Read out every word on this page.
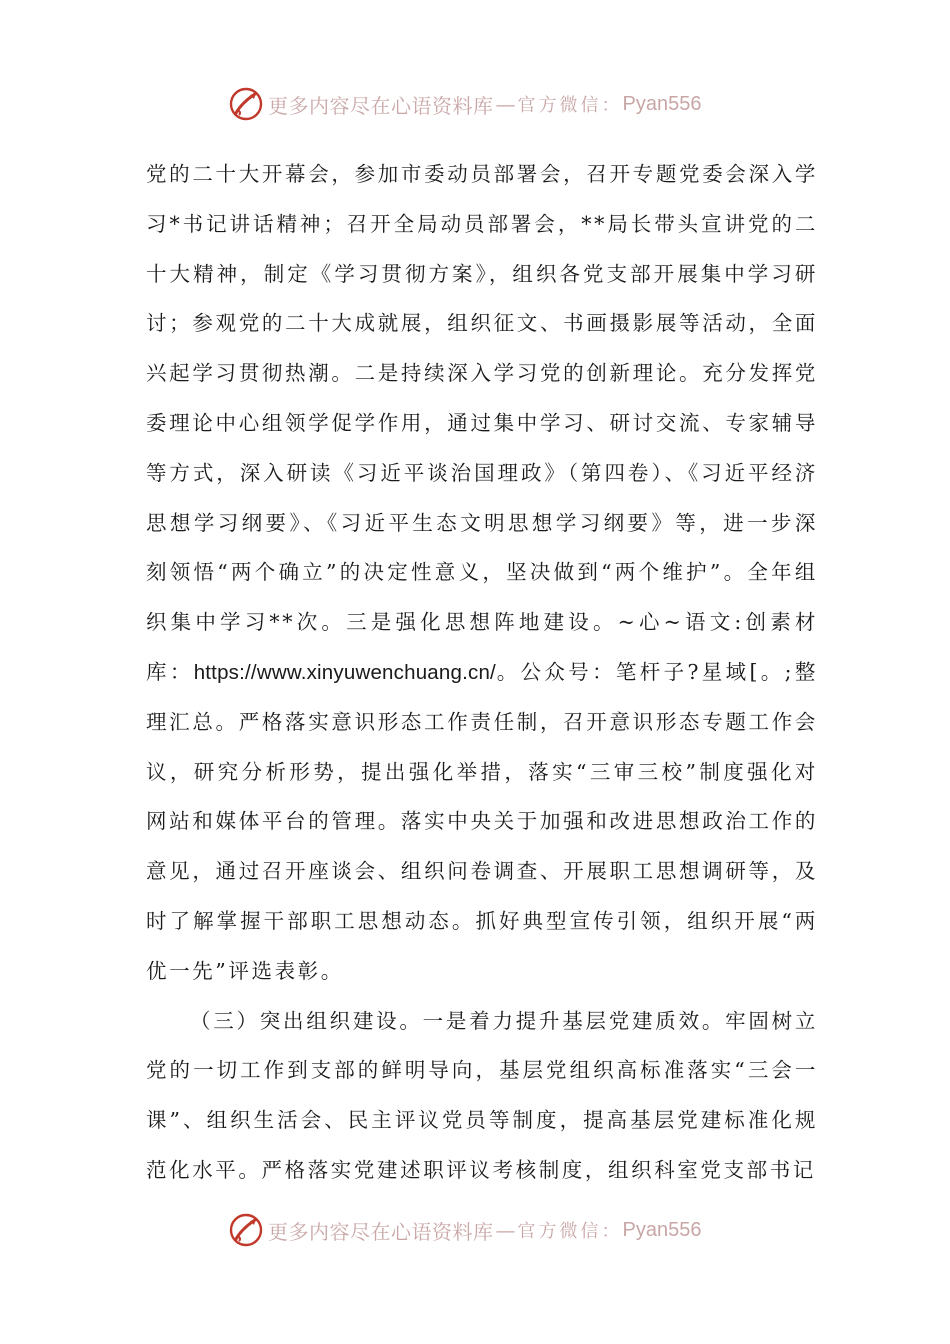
更多内容尽在心语资料库 — 官方微信： Pyan556

党的二十大开幕会，参加市委动员部署会，召开专题党委会深入学习*书记讲话精神；召开全局动员部署会，**局长带头宣讲党的二十大精神，制定《学习贯彻方案》，组织各党支部开展集中学习研讨；参观党的二十大成就展，组织征文、书画摄影展等活动，全面兴起学习贯彻热潮。二是持续深入学习党的创新理论。充分发挥党委理论中心组领学促学作用，通过集中学习、研讨交流、专家辅导等方式，深入研读《习近平谈治国理政》（第四卷）、《习近平经济思想学习纲要》、《习近平生态文明思想学习纲要》等，进一步深刻领悟“两个确立”的决定性意义，坚决做到“两个维护”。全年组织集中学习**次。三是强化思想阵地建设。~心~语文:创素材库：https://www.xinyuwenchuang.cn/。公众号：笔杆子?星域[。;整理汇总。严格落实意识形态工作责任制，召开意识形态专题工作会议，研究分析形势，提出强化举措，落实“三审三校”制度强化对网站和媒体平台的管理。落实中央关于加强和改进思想政治工作的意见，通过召开座谈会、组织问卷调查、开展职工思想调研等，及时了解掌握干部职工思想动态。抓好典型宣传引领，组织开展“两优一先”评选表彰。

（三）突出组织建设。一是着力提升基层党建质效。牢固树立党的一切工作到支部的鲜明导向，基层党组织高标准落实“三会一课”、组织生活会、民主评议党员等制度，提高基层党建标准化规范化水平。严格落实党建述职评议考核制度，组织科室党支部书记

更多内容尽在心语资料库 — 官方微信： Pyan556
